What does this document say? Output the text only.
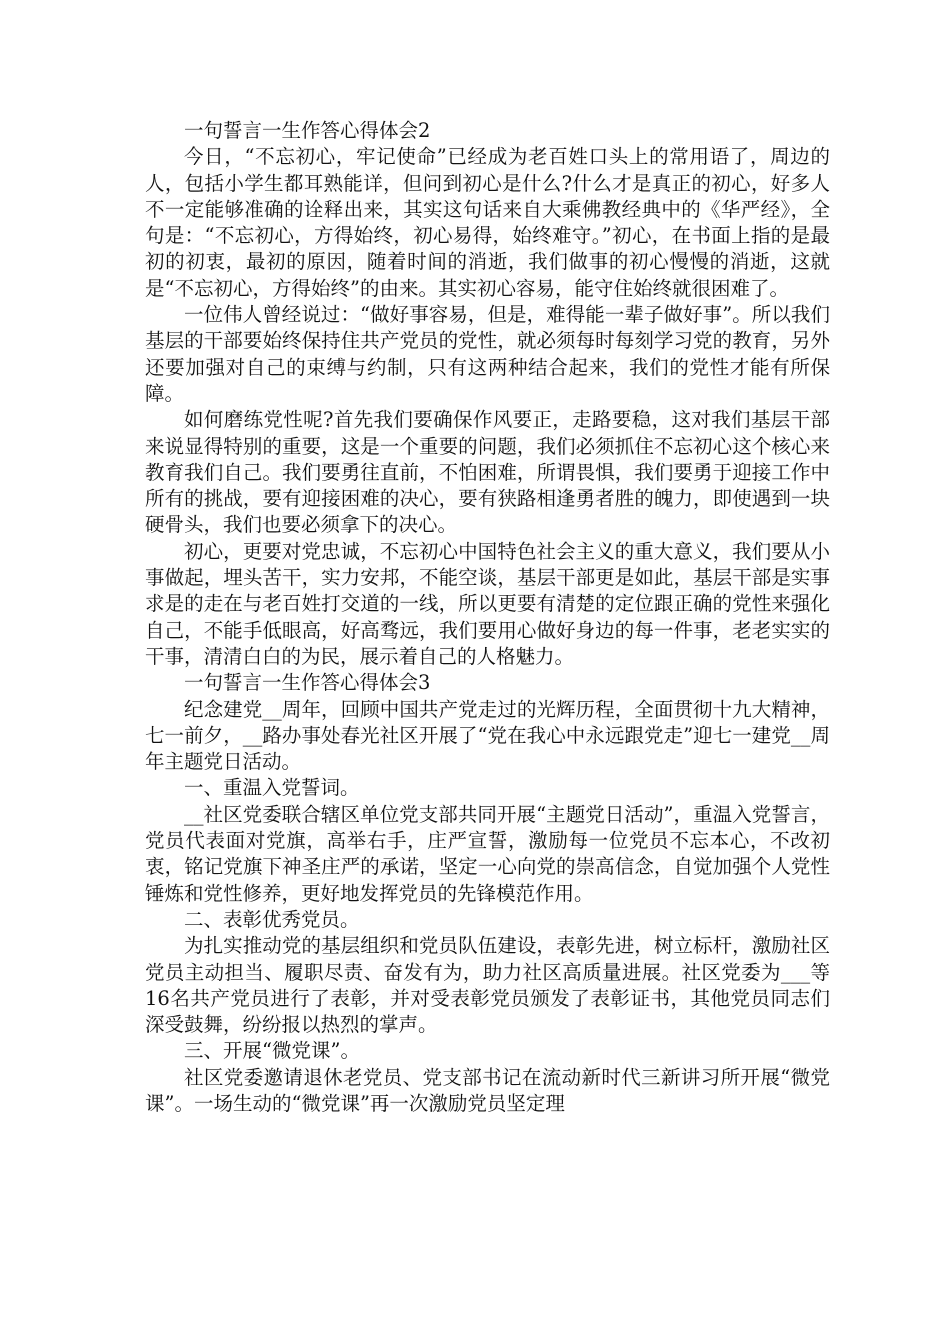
一句誓言一生作答心得体会2

今日，“不忘初心，牢记使命”已经成为老百姓口头上的常用语了，周边的人，包括小学生都耳熟能详，但问到初心是什么?什么才是真正的初心，好多人不一定能够准确的诠释出来，其实这句话来自大乘佛教经典中的《华严经》，全句是：“不忘初心，方得始终，初心易得，始终难守。”初心，在书面上指的是最初的初衷，最初的原因，随着时间的消逝，我们做事的初心慢慢的消逝，这就是“不忘初心，方得始终”的由来。其实初心容易，能守住始终就很困难了。

一位伟人曾经说过：“做好事容易，但是，难得能一辈子做好事”。所以我们基层的干部要始终保持住共产党员的党性，就必须每时每刻学习党的教育，另外还要加强对自己的束缚与约制，只有这两种结合起来，我们的党性才能有所保障。

如何磨练党性呢?首先我们要确保作风要正，走路要稳，这对我们基层干部来说显得特别的重要，这是一个重要的问题，我们必须抓住不忘初心这个核心来教育我们自己。我们要勇往直前，不怕困难，所谓畏惧，我们要勇于迎接工作中所有的挑战，要有迎接困难的决心，要有狭路相逢勇者胜的魄力，即使遇到一块硬骨头，我们也要必须拿下的决心。

初心，更要对党忠诚，不忘初心中国特色社会主义的重大意义，我们要从小事做起，埋头苦干，实力安邦，不能空谈，基层干部更是如此，基层干部是实事求是的走在与老百姓打交道的一线，所以更要有清楚的定位跟正确的党性来强化自己，不能手低眼高，好高骛远，我们要用心做好身边的每一件事，老老实实的干事，清清白白的为民，展示着自己的人格魅力。

一句誓言一生作答心得体会3

纪念建党__周年，回顾中国共产党走过的光辉历程，全面贯彻十九大精神，七一前夕，__路办事处春光社区开展了“党在我心中永远跟党走”迎七一建党__周年主题党日活动。

一、重温入党誓词。

__社区党委联合辖区单位党支部共同开展“主题党日活动”，重温入党誓言，党员代表面对党旗，高举右手，庄严宣誓，激励每一位党员不忘本心，不改初衷，铭记党旗下神圣庄严的承诺，坚定一心向党的崇高信念，自觉加强个人党性锤炼和党性修养，更好地发挥党员的先锋模范作用。

二、表彰优秀党员。

为扎实推动党的基层组织和党员队伍建设，表彰先进，树立标杆，激励社区党员主动担当、履职尽责、奋发有为，助力社区高质量进展。社区党委为___等16名共产党员进行了表彰，并对受表彰党员颁发了表彰证书，其他党员同志们深受鼓舞，纷纷报以热烈的掌声。

三、开展“微党课”。

社区党委邀请退休老党员、党支部书记在流动新时代三新讲习所开展“微党课”。一场生动的“微党课”再一次激励党员坚定理
